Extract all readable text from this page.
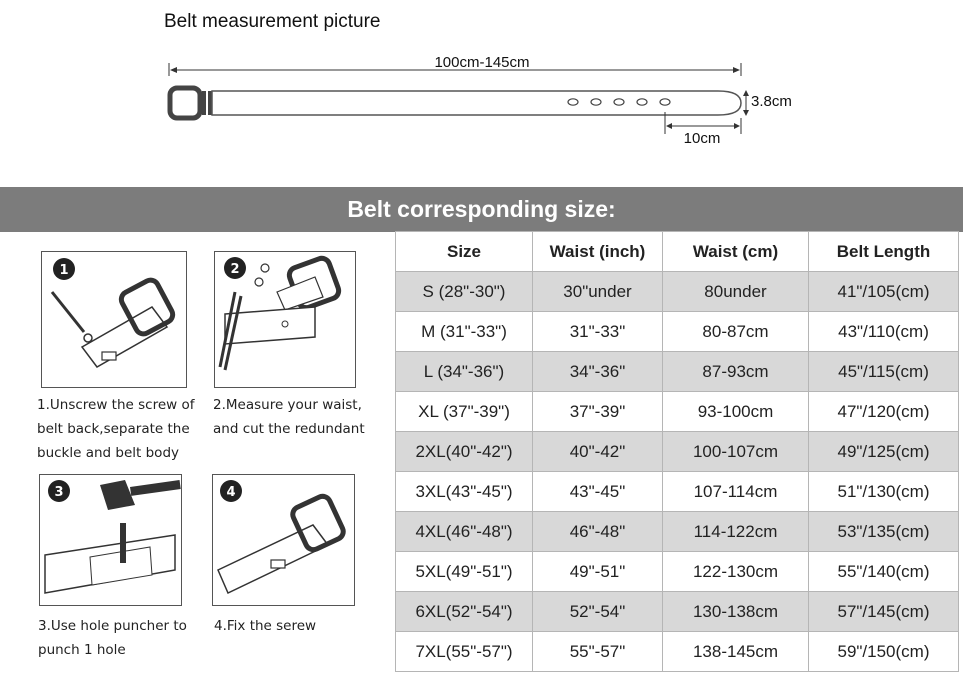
Belt measurement picture
100cm-145cm
3.8cm
10cm
Belt corresponding size:
1
1.Unscrew the screw of
belt back,separate the
buckle and belt body
2
2.Measure your waist,
and cut the redundant
3
3.Use hole puncher to
punch 1 hole
4
4.Fix the serew
Size	Waist (inch)	Waist (cm)	Belt Length
S (28"-30")	30"under	80under	41"/105(cm)
M (31"-33")	31"-33"	80-87cm	43"/110(cm)
L (34"-36")	34"-36"	87-93cm	45"/115(cm)
XL (37"-39")	37"-39"	93-100cm	47"/120(cm)
2XL(40"-42")	40"-42"	100-107cm	49"/125(cm)
3XL(43"-45")	43"-45"	107-114cm	51"/130(cm)
4XL(46"-48")	46"-48"	114-122cm	53"/135(cm)
5XL(49"-51")	49"-51"	122-130cm	55"/140(cm)
6XL(52"-54")	52"-54"	130-138cm	57"/145(cm)
7XL(55"-57")	55"-57"	138-145cm	59"/150(cm)
